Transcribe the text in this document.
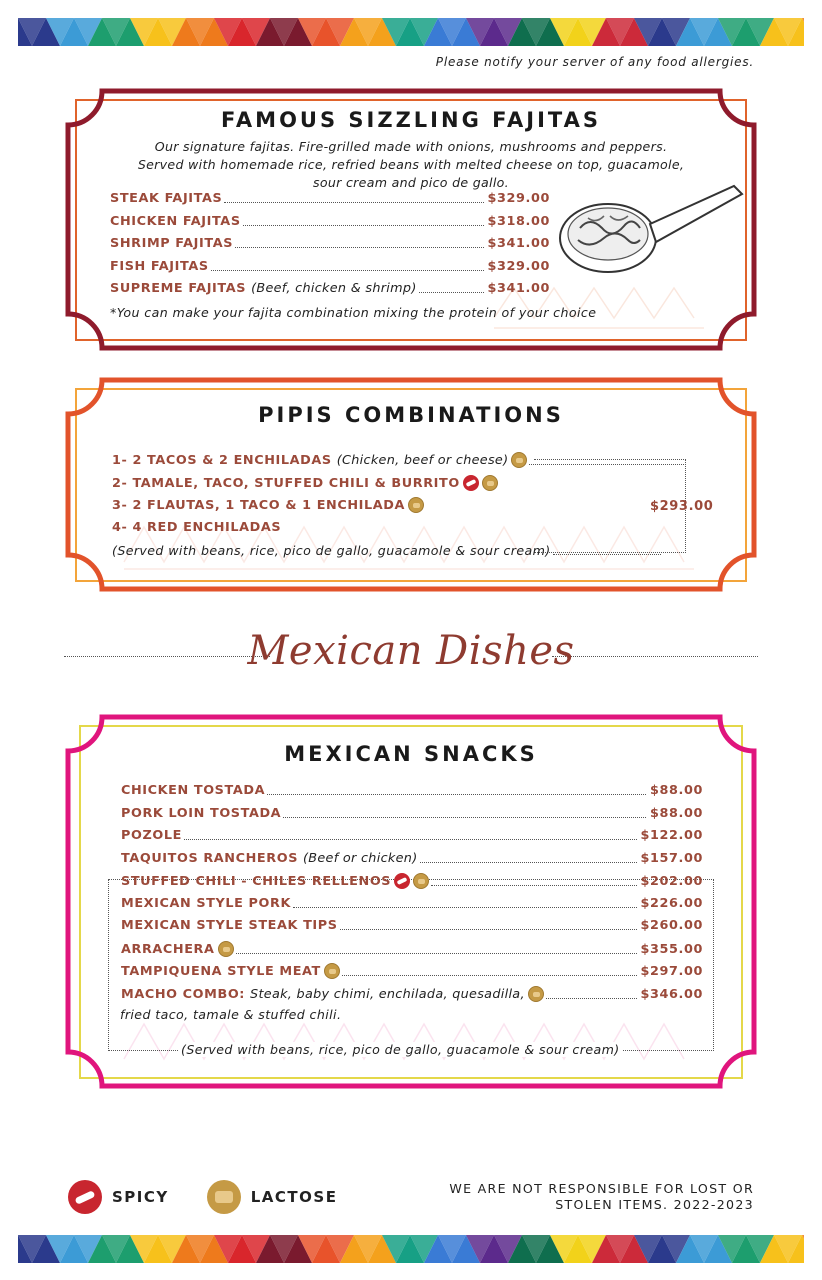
Please notify your server of any food allergies.
FAMOUS SIZZLING FAJITAS
Our signature fajitas. Fire-grilled made with onions, mushrooms and peppers.
Served with homemade rice, refried beans with melted cheese on top, guacamole,
sour cream and pico de gallo.
STEAK FAJITAS	$329.00
CHICKEN FAJITAS	$318.00
SHRIMP FAJITAS	$341.00
FISH FAJITAS	$329.00
SUPREME FAJITAS (Beef, chicken & shrimp)	$341.00
*You can make your fajita combination mixing the protein of your choice
PIPIS COMBINATIONS
1- 2 TACOS & 2 ENCHILADAS (Chicken, beef or cheese)
2- TAMALE, TACO, STUFFED CHILI & BURRITO
3- 2 FLAUTAS, 1 TACO & 1 ENCHILADA
4- 4 RED ENCHILADAS
$293.00
(Served with beans, rice, pico de gallo, guacamole & sour cream)
Mexican Dishes
MEXICAN SNACKS
CHICKEN TOSTADA	$88.00
PORK LOIN TOSTADA	$88.00
POZOLE	$122.00
TAQUITOS RANCHEROS (Beef or chicken)	$157.00
STUFFED CHILI - CHILES RELLENOS	$202.00
MEXICAN STYLE PORK	$226.00
MEXICAN STYLE STEAK TIPS	$260.00
ARRACHERA	$355.00
TAMPIQUENA STYLE MEAT	$297.00
MACHO COMBO: Steak, baby chimi, enchilada, quesadilla,	$346.00
fried taco, tamale & stuffed chili.
(Served with beans, rice, pico de gallo, guacamole & sour cream)
SPICY	LACTOSE	WE ARE NOT RESPONSIBLE FOR LOST OR
STOLEN ITEMS. 2022-2023
